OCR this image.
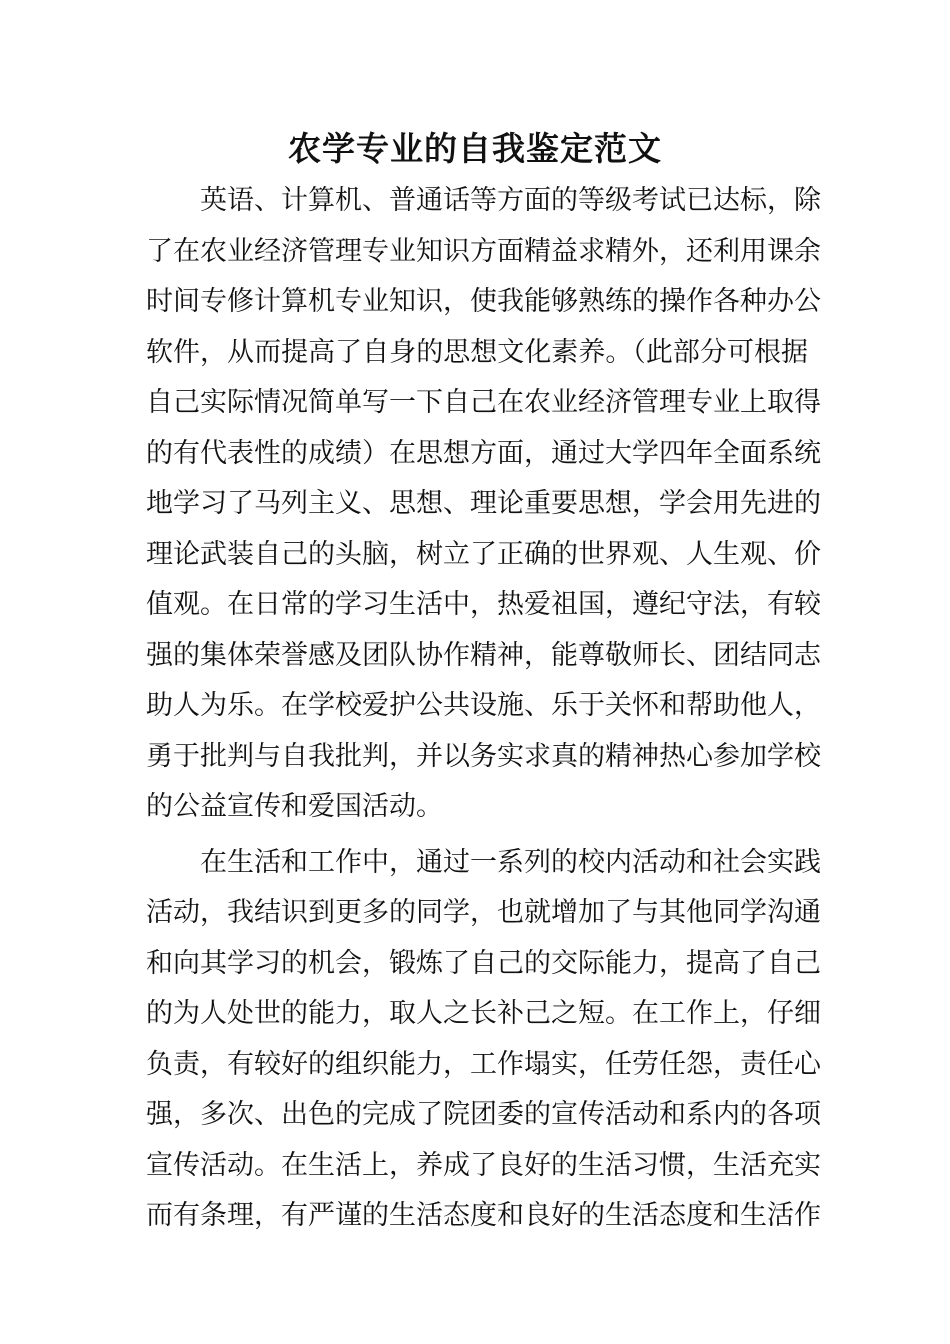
农学专业的自我鉴定范文
英语、计算机、普通话等方面的等级考试已达标，除
了在农业经济管理专业知识方面精益求精外，还利用课余
时间专修计算机专业知识，使我能够熟练的操作各种办公
软件，从而提高了自身的思想文化素养。（此部分可根据
自己实际情况简单写一下自己在农业经济管理专业上取得
的有代表性的成绩）在思想方面，通过大学四年全面系统
地学习了马列主义、思想、理论重要思想，学会用先进的
理论武装自己的头脑，树立了正确的世界观、人生观、价
值观。在日常的学习生活中，热爱祖国，遵纪守法，有较
强的集体荣誉感及团队协作精神，能尊敬师长、团结同志
助人为乐。在学校爱护公共设施、乐于关怀和帮助他人，
勇于批判与自我批判，并以务实求真的精神热心参加学校
的公益宣传和爱国活动。
在生活和工作中，通过一系列的校内活动和社会实践
活动，我结识到更多的同学，也就增加了与其他同学沟通
和向其学习的机会，锻炼了自己的交际能力，提高了自己
的为人处世的能力，取人之长补己之短。在工作上，仔细
负责，有较好的组织能力，工作塌实，任劳任怨，责任心
强，多次、出色的完成了院团委的宣传活动和系内的各项
宣传活动。在生活上，养成了良好的生活习惯，生活充实
而有条理，有严谨的生活态度和良好的生活态度和生活作
